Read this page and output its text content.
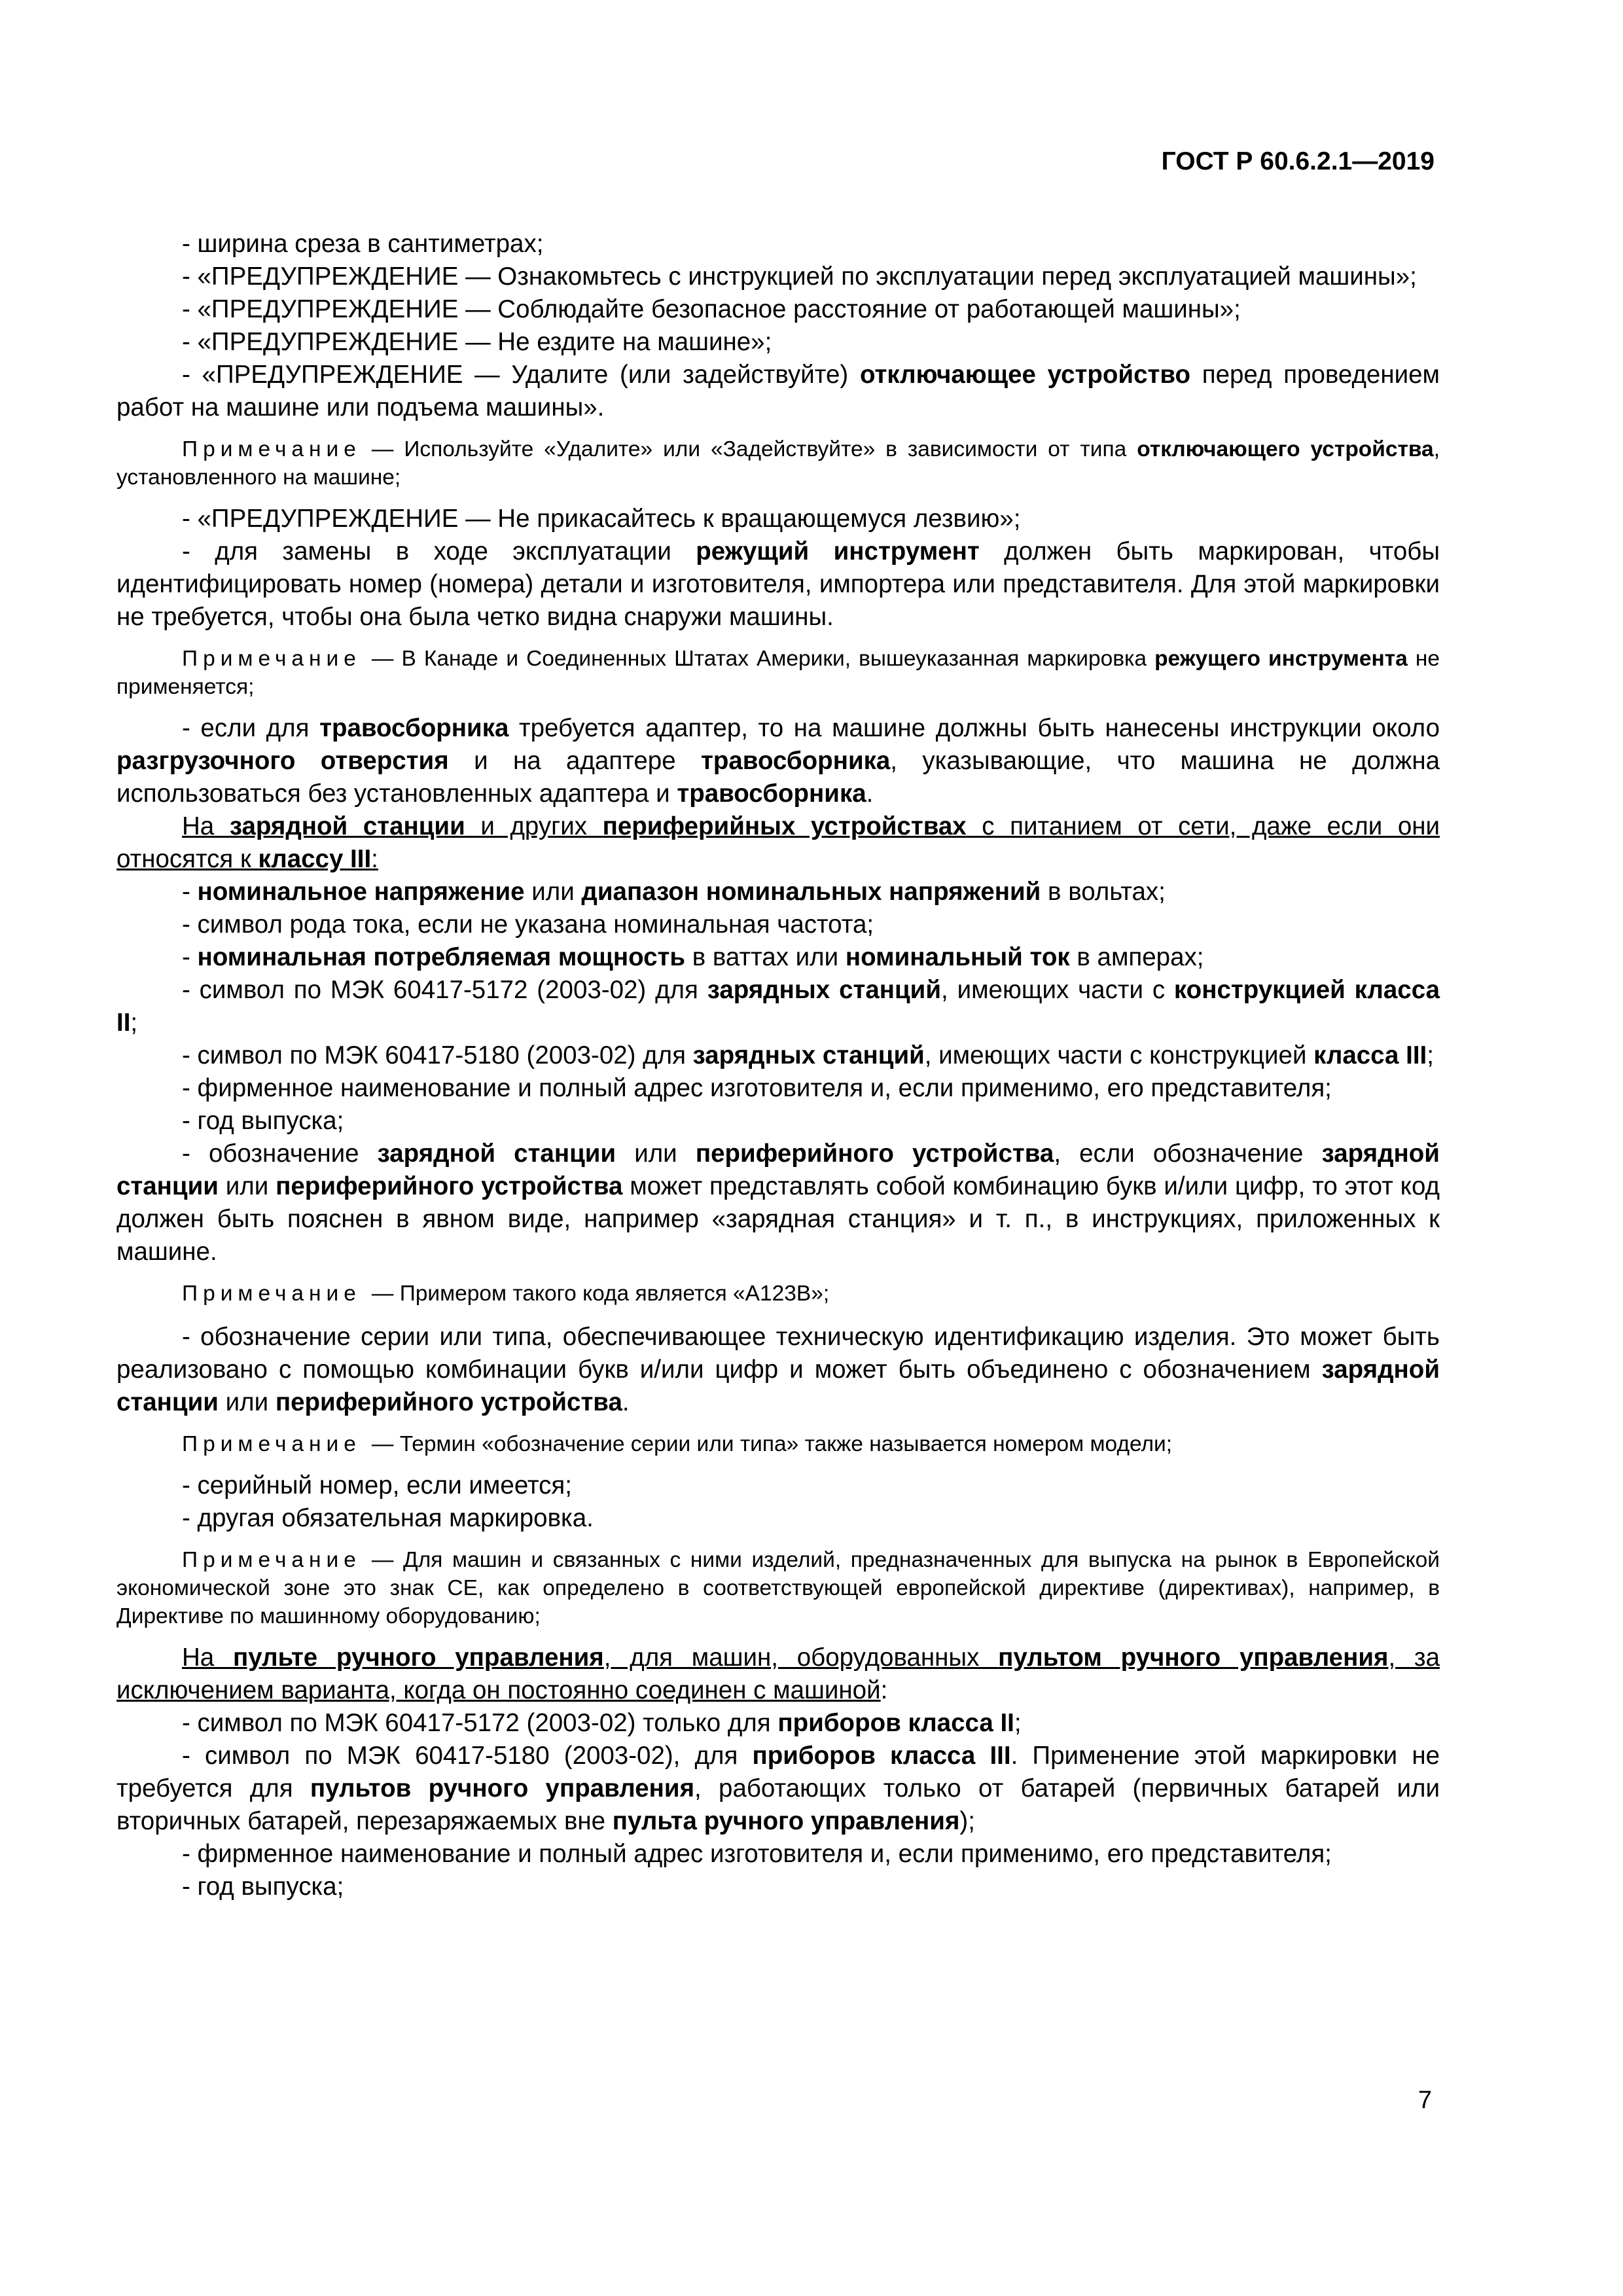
ГОСТ Р 60.6.2.1—2019

- ширина среза в сантиметрах;

- «ПРЕДУПРЕЖДЕНИЕ — Ознакомьтесь с инструкцией по эксплуатации перед эксплуатацией машины»;

- «ПРЕДУПРЕЖДЕНИЕ — Соблюдайте безопасное расстояние от работающей машины»;

- «ПРЕДУПРЕЖДЕНИЕ — Не ездите на машине»;

- «ПРЕДУПРЕЖДЕНИЕ — Удалите (или задействуйте) отключающее устройство перед проведением работ на машине или подъема машины».

Примечание — Используйте «Удалите» или «Задействуйте» в зависимости от типа отключающего устройства, установленного на машине;

- «ПРЕДУПРЕЖДЕНИЕ — Не прикасайтесь к вращающемуся лезвию»;

- для замены в ходе эксплуатации режущий инструмент должен быть маркирован, чтобы идентифицировать номер (номера) детали и изготовителя, импортера или представителя. Для этой маркировки не требуется, чтобы она была четко видна снаружи машины.

Примечание — В Канаде и Соединенных Штатах Америки, вышеуказанная маркировка режущего инструмента не применяется;

- если для травосборника требуется адаптер, то на машине должны быть нанесены инструкции около разгрузочного отверстия и на адаптере травосборника, указывающие, что машина не должна использоваться без установленных адаптера и травосборника.

На зарядной станции и других периферийных устройствах с питанием от сети, даже если они относятся к классу III:

- номинальное напряжение или диапазон номинальных напряжений в вольтах;

- символ рода тока, если не указана номинальная частота;

- номинальная потребляемая мощность в ваттах или номинальный ток в амперах;

- символ по МЭК 60417-5172 (2003-02) для зарядных станций, имеющих части с конструкцией класса II;

- символ по МЭК 60417-5180 (2003-02) для зарядных станций, имеющих части с конструкцией класса III;

- фирменное наименование и полный адрес изготовителя и, если применимо, его представителя;

- год выпуска;

- обозначение зарядной станции или периферийного устройства, если обозначение зарядной станции или периферийного устройства может представлять собой комбинацию букв и/или цифр, то этот код должен быть пояснен в явном виде, например «зарядная станция» и т. п., в инструкциях, приложенных к машине.

Примечание — Примером такого кода является «A123B»;

- обозначение серии или типа, обеспечивающее техническую идентификацию изделия. Это может быть реализовано с помощью комбинации букв и/или цифр и может быть объединено с обозначением зарядной станции или периферийного устройства.

Примечание — Термин «обозначение серии или типа» также называется номером модели;

- серийный номер, если имеется;

- другая обязательная маркировка.

Примечание — Для машин и связанных с ними изделий, предназначенных для выпуска на рынок в Европейской экономической зоне это знак CE, как определено в соответствующей европейской директиве (директивах), например, в Директиве по машинному оборудованию;

На пульте ручного управления, для машин, оборудованных пультом ручного управления, за исключением варианта, когда он постоянно соединен с машиной:

- символ по МЭК 60417-5172 (2003-02) только для приборов класса II;

- символ по МЭК 60417-5180 (2003-02), для приборов класса III. Применение этой маркировки не требуется для пультов ручного управления, работающих только от батарей (первичных батарей или вторичных батарей, перезаряжаемых вне пульта ручного управления);

- фирменное наименование и полный адрес изготовителя и, если применимо, его представителя;

- год выпуска;

7
